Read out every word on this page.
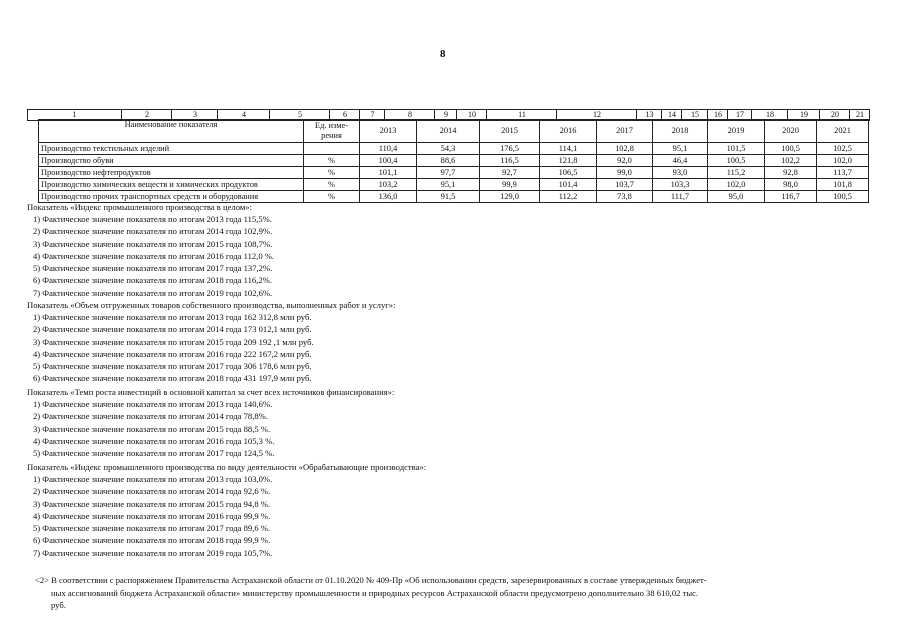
8
1	2	3	4	5	6	7	8	9	10	11	12	13	14	15	16	17	18	19	20	21
Наименование показателя	Ед. изме-рения	2013	2014	2015	2016	2017	2018	2019	2020	2021
Производство текстильных изделий		110,4	54,3	176,5	114,1	102,8	95,1	101,5	100,5	102,5
Производство обуви	%	100,4	88,6	116,5	121,8	92,0	46,4	100,5	102,2	102,0
Производство нефтепродуктов	%	101,1	97,7	92,7	106,5	99,0	93,0	115,2	92,8	113,7
Производство химических веществ и химических продуктов	%	103,2	95,1	99,9	101,4	103,7	103,3	102,0	98,0	101,8
Производство прочих транспортных средств и оборудования	%	136,0	91,5	129,0	112,2	73,8	111,7	95,0	116,7	100,5
Показатель «Индекс промышленного производства в целом»:
1) Фактическое значение показателя по итогам 2013 года 115,5%.
2) Фактическое значение показателя по итогам 2014 года 102,9%.
3) Фактическое значение показателя по итогам 2015 года 108,7%.
4) Фактическое значение показателя по итогам 2016 года 112,0 %.
5) Фактическое значение показателя по итогам 2017 года 137,2%.
6) Фактическое значение показателя по итогам 2018 года 116,2%.
7) Фактическое значение показателя по итогам 2019 года 102,6%.
Показатель «Объем отгруженных товаров собственного производства, выполненных работ и услуг»:
1) Фактическое значение показателя по итогам 2013 года 162 312,8 млн руб.
2) Фактическое значение показателя по итогам 2014 года 173 012,1 млн руб.
3) Фактическое значение показателя по итогам 2015 года 209 192 ,1 млн руб.
4) Фактическое значение показателя по итогам 2016 года 222 167,2 млн руб.
5) Фактическое значение показателя по итогам 2017 года 306 178,6 млн руб.
6) Фактическое значение показателя по итогам 2018 года 431 197,9 млн руб.
Показатель «Темп роста инвестиций в основной капитал за счет всех источников финансирования»:
1) Фактическое значение показателя по итогам 2013 года 140,6%.
2) Фактическое значение показателя по итогам 2014 года 78,8%.
3) Фактическое значение показателя по итогам 2015 года 88,5 %.
4) Фактическое значение показателя по итогам 2016 года 105,3 %.
5) Фактическое значение показателя по итогам 2017 года 124,5 %.
Показатель «Индекс промышленного производства по виду деятельности «Обрабатывающие производства»:
1) Фактическое значение показателя по итогам 2013 года 103,0%.
2) Фактическое значение показателя по итогам 2014 года 92,6 %.
3) Фактическое значение показателя по итогам 2015 года 94,8 %.
4) Фактическое значение показателя по итогам 2016 года 99,9 %.
5) Фактическое значение показателя по итогам 2017 года 89,6 %.
6) Фактическое значение показателя по итогам 2018 года 99,9 %.
7) Фактическое значение показателя по итогам 2019 года 105,7%.
<2> В соответствии с распоряжением Правительства Астраханской области от 01.10.2020 № 409-Пр «Об использовании средств, зарезервированных в составе утвержденных бюджет-
ных ассигнований бюджета Астраханской области» министерству промышленности и природных ресурсов Астраханской области предусмотрено дополнительно 38 610,02 тыс.
руб.
